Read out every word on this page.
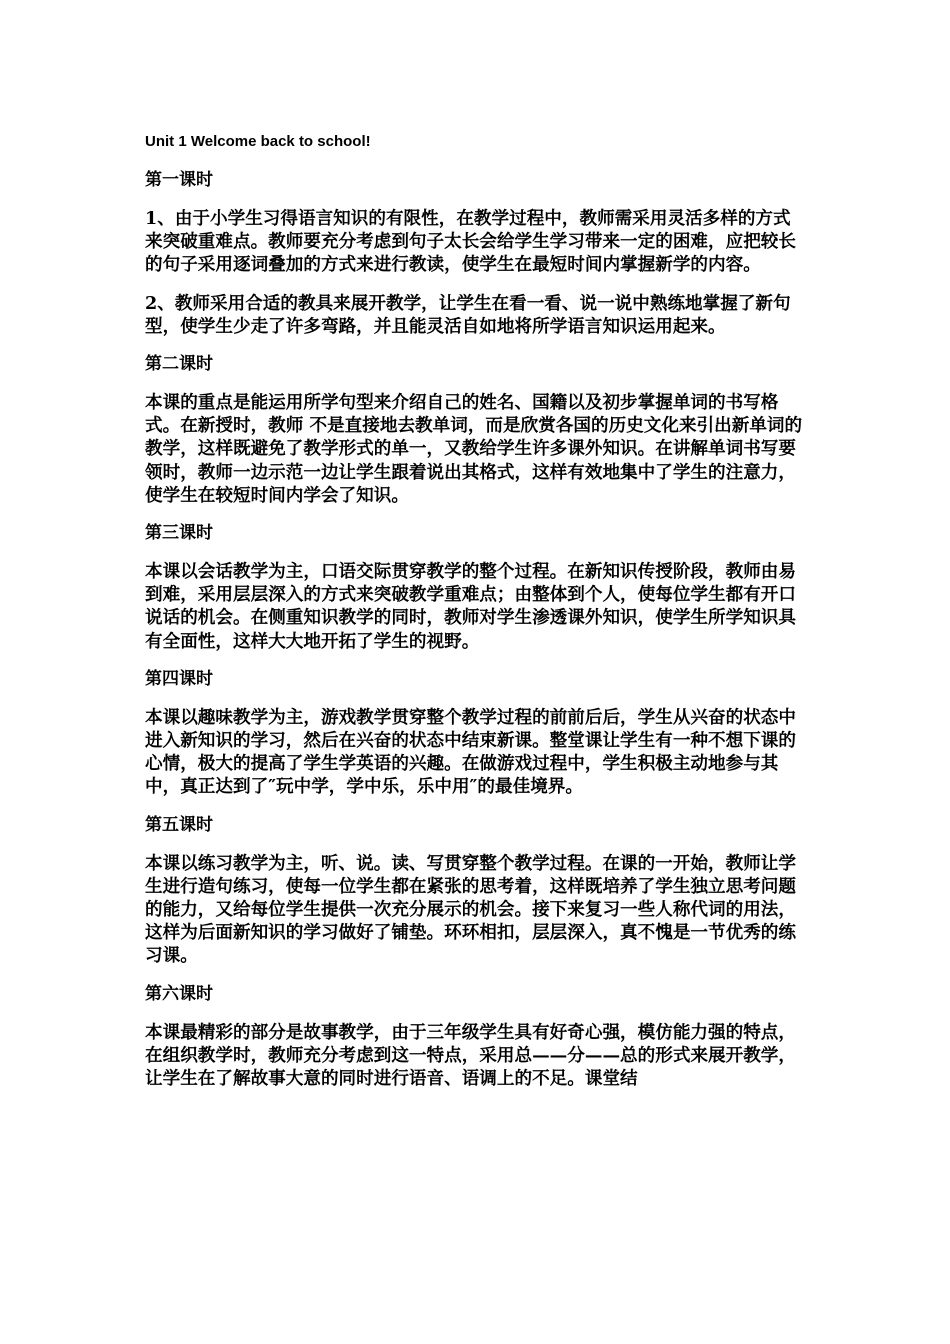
Unit 1 Welcome back to school!
第一课时

1、由于小学生习得语言知识的有限性，在教学过程中，教师需采用灵活多样的方式来突破重难点。教师要充分考虑到句子太长会给学生学习带来一定的困难，应把较长的句子采用逐词叠加的方式来进行教读，使学生在最短时间内掌握新学的内容。

2、教师采用合适的教具来展开教学，让学生在看一看、说一说中熟练地掌握了新句型，使学生少走了许多弯路，并且能灵活自如地将所学语言知识运用起来。

第二课时

本课的重点是能运用所学句型来介绍自己的姓名、国籍以及初步掌握单词的书写格式。在新授时，教师 不是直接地去教单词，而是欣赏各国的历史文化来引出新单词的教学，这样既避免了教学形式的单一，又教给学生许多课外知识。在讲解单词书写要领时，教师一边示范一边让学生跟着说出其格式，这样有效地集中了学生的注意力，使学生在较短时间内学会了知识。

第三课时

本课以会话教学为主，口语交际贯穿教学的整个过程。在新知识传授阶段，教师由易到难，采用层层深入的方式来突破教学重难点；由整体到个人，使每位学生都有开口说话的机会。在侧重知识教学的同时，教师对学生渗透课外知识，使学生所学知识具有全面性，这样大大地开拓了学生的视野。

第四课时

本课以趣味教学为主，游戏教学贯穿整个教学过程的前前后后，学生从兴奋的状态中进入新知识的学习，然后在兴奋的状态中结束新课。整堂课让学生有一种不想下课的心情，极大的提高了学生学英语的兴趣。在做游戏过程中，学生积极主动地参与其中，真正达到了″玩中学，学中乐，乐中用″的最佳境界。

第五课时

本课以练习教学为主，听、说。读、写贯穿整个教学过程。在课的一开始，教师让学生进行造句练习，使每一位学生都在紧张的思考着，这样既培养了学生独立思考问题的能力，又给每位学生提供一次充分展示的机会。接下来复习一些人称代词的用法，这样为后面新知识的学习做好了铺垫。环环相扣，层层深入，真不愧是一节优秀的练习课。

第六课时

本课最精彩的部分是故事教学，由于三年级学生具有好奇心强，模仿能力强的特点，在组织教学时，教师充分考虑到这一特点，采用总——分——总的形式来展开教学，让学生在了解故事大意的同时进行语音、语调上的不足。课堂结
